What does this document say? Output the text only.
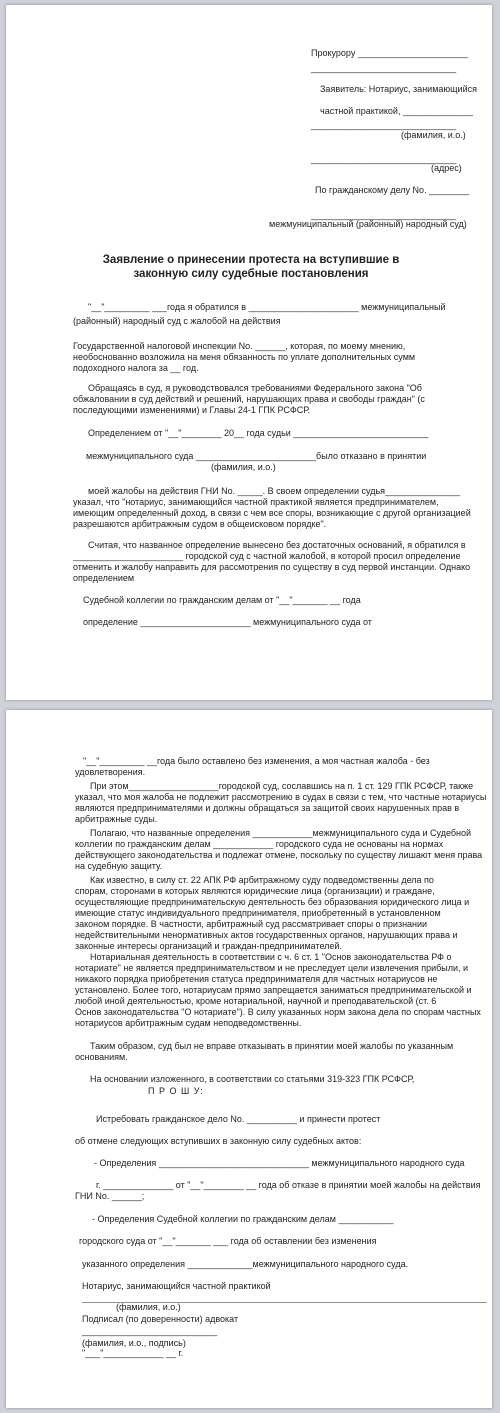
Прокурору ______________________
_____________________________
Заявитель: Нотариус, занимающийся
частной практикой, ______________
_____________________________
(фамилия, и.о.)
_____________________________
(адрес)
По гражданскому делу No. ________
_____________________________
межмуниципальный (районный) народный суд)
Заявление о принесении протеста на вступившие в законную силу судебные постановления
"__"_________ ___года я обратился в ______________________ межмуниципальный
(районный) народный суд с жалобой на действия
Государственной налоговой инспекции No. ______, которая, по моему мнению,
необоснованно возложила на меня обязанность по уплате дополнительных сумм
подоходного налога за __ год.
Обращаясь в суд, я руководствовался требованиями Федерального закона "Об
обжаловании в суд действий и решений, нарушающих права и свободы граждан" (с
последующими изменениями) и Главы 24-1 ГПК РСФСР.
Определением от "__"________ 20__ года судьи ___________________________
межмуниципального суда ________________________было отказано в принятии
(фамилия, и.о.)
моей жалобы на действия ГНИ No. _____. В своем определении судья_______________
указал, что "нотариус, занимающийся частной практикой является предпринимателем,
имеющим определенный доход, в связи с чем все споры, возникающие с другой организацией
разрешаются арбитражным судом в общеисковом порядке".
Считая, что названное определение вынесено без достаточных оснований, я обратился в
______________________ городской суд с частной жалобой, в которой просил определение
отменить и жалобу направить для рассмотрения по существу в суд первой инстанции. Однако
определением
Судебной коллегии по гражданским делам от "__"_______ __ года
определение ______________________ межмуниципального суда от
"__"_________ __года было оставлено без изменения, а моя частная жалоба - без
удовлетворения.
При этом__________________городской суд, сославшись на п. 1 ст. 129 ГПК РСФСР, также
указал, что моя жалоба не подлежит рассмотрению в судах в связи с тем, что частные нотариусы
являются предпринимателями и должны обращаться за защитой своих нарушенных прав в
арбитражные суды.
Полагаю, что названные определения ____________межмуниципального суда и Судебной
коллегии по гражданским делам ____________ городского суда не основаны на нормах
действующего законодательства и подлежат отмене, поскольку по существу лишают меня права
на судебную защиту.
Как известно, в силу ст. 22 АПК РФ арбитражному суду подведомственны дела по
спорам, сторонами в которых являются юридические лица (организации) и граждане,
осуществляющие предпринимательскую деятельность без образования юридического лица и
имеющие статус индивидуального предпринимателя, приобретенный в установленном
законом порядке. В частности, арбитражный суд рассматривает споры о признании
недействительными ненормативных актов государственных органов, нарушающих права и
законные интересы организаций и граждан-предпринимателей.
Нотариальная деятельность в соответствии с ч. 6 ст. 1 "Основ законодательства РФ о
нотариате" не является предпринимательством и не преследует цели извлечения прибыли, и
никакого порядка приобретения статуса предпринимателя для частных нотариусов не
установлено. Более того, нотариусам прямо запрещается заниматься предпринимательской и
любой иной деятельностью, кроме нотариальной, научной и преподавательской (ст. 6
Основ законодательства "О нотариате"). В силу указанных норм закона дела по спорам частных
нотариусов арбитражным судам неподведомственны.
Таким образом, суд был не вправе отказывать в принятии моей жалобы по указанным
основаниям.
На основании изложенного, в соответствии со статьями 319-323 ГПК РСФСР,
П Р О Ш У:
Истребовать гражданское дело No. __________ и принести протест
об отмене следующих вступивших в законную силу судебных актов:
- Определения ______________________________ межмуниципального народного суда
г. ______________ от "__"________ __ года об отказе в принятии моей жалобы на действия
ГНИ No. ______;
- Определения Судебной коллегии по гражданским делам ___________
городского суда от "__"_______ ___ года об оставлении без изменения
указанного определения _____________межмуниципального народного суда.
Нотариус, занимающийся частной практикой
_________________________________________________________________________________
(фамилия, и.о.)
Подписал (по доверенности) адвокат
___________________________
(фамилия, и.о., подпись)
"___"____________ __ г.
